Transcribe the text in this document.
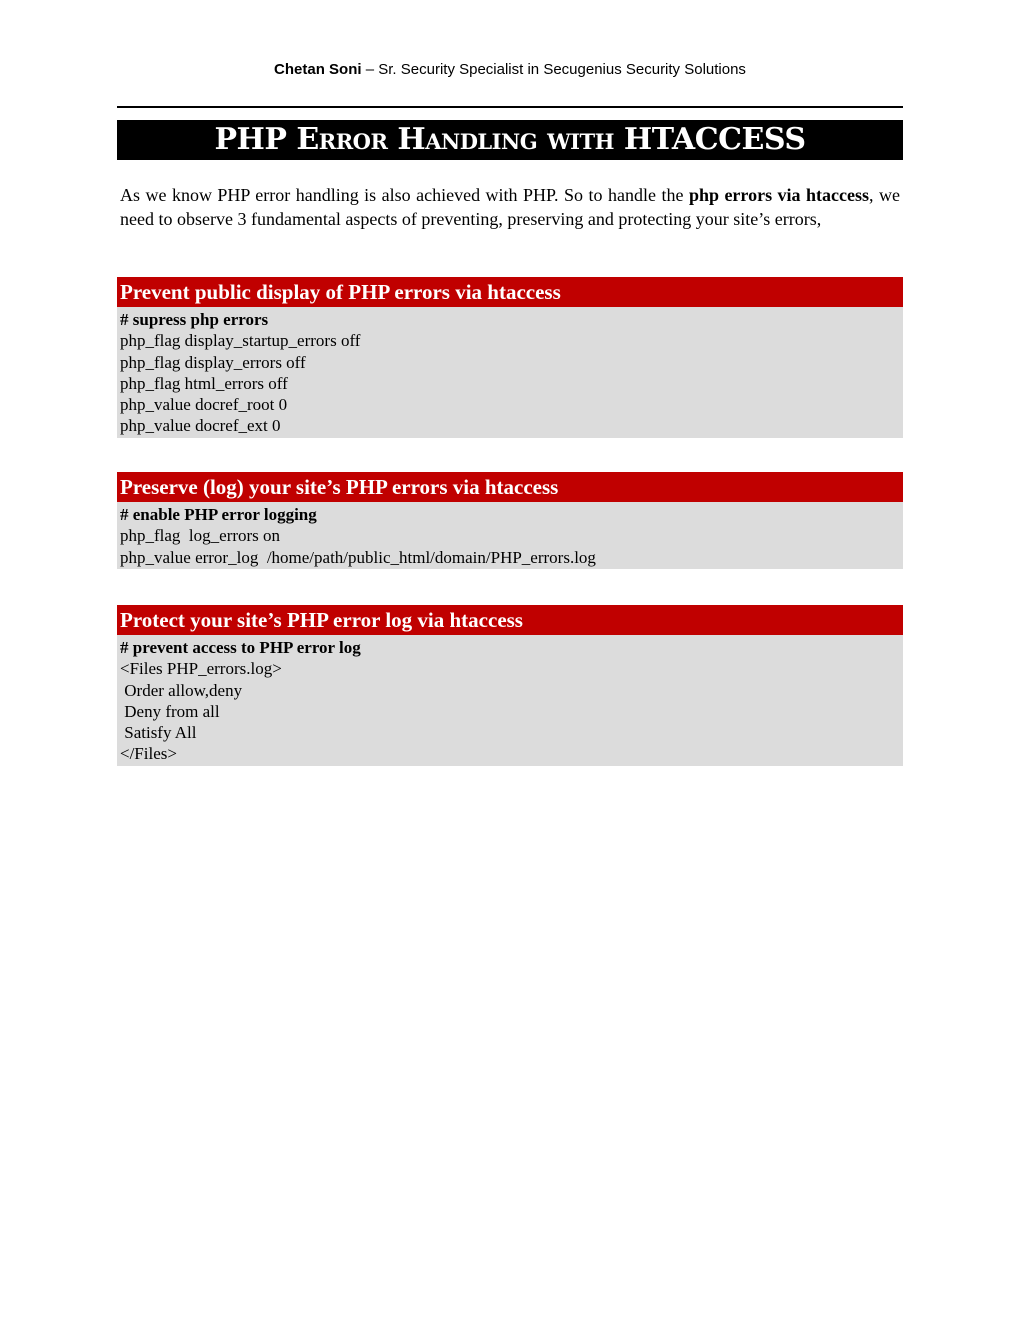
Chetan Soni – Sr. Security Specialist in Secugenius Security Solutions
PHP Error Handling with HTACCESS
As we know PHP error handling is also achieved with PHP. So to handle the php errors via htaccess, we need to observe 3 fundamental aspects of preventing, preserving and protecting your site’s errors,
Prevent public display of PHP errors via htaccess
# supress php errors
php_flag display_startup_errors off
php_flag display_errors off
php_flag html_errors off
php_value docref_root 0
php_value docref_ext 0
Preserve (log) your site’s PHP errors via htaccess
# enable PHP error logging
php_flag  log_errors on
php_value error_log  /home/path/public_html/domain/PHP_errors.log
Protect your site’s PHP error log via htaccess
# prevent access to PHP error log
<Files PHP_errors.log>
Order allow,deny
Deny from all
Satisfy All
</Files>
